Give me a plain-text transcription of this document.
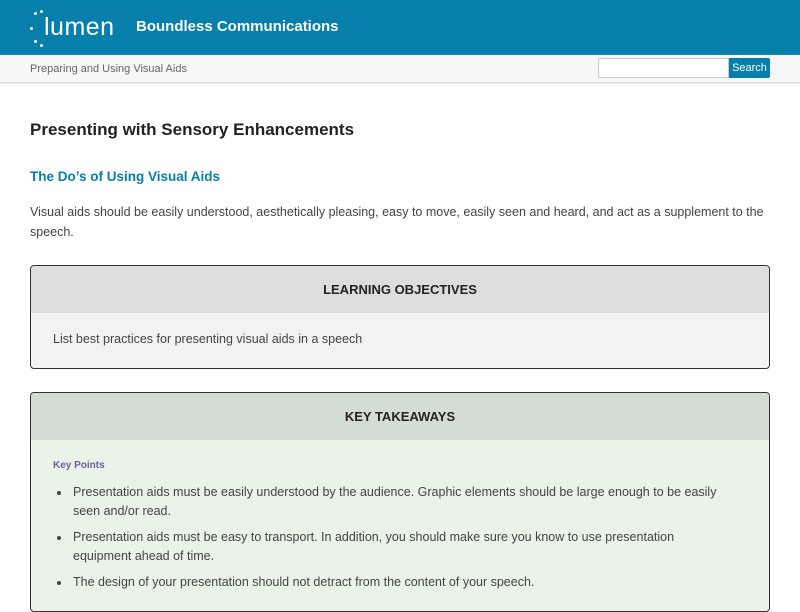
lumen Boundless Communications
Preparing and Using Visual Aids	Search
Presenting with Sensory Enhancements
The Do’s of Using Visual Aids

Visual aids should be easily understood, aesthetically pleasing, easy to move, easily seen and heard, and act as a supplement to the speech.

LEARNING OBJECTIVES
List best practices for presenting visual aids in a speech
KEY TAKEAWAYS
Key Points
• Presentation aids must be easily understood by the audience. Graphic elements should be large enough to be easily seen and/or read.
• Presentation aids must be easy to transport. In addition, you should make sure you know to use presentation equipment ahead of time.
• The design of your presentation should not detract from the content of your speech.
